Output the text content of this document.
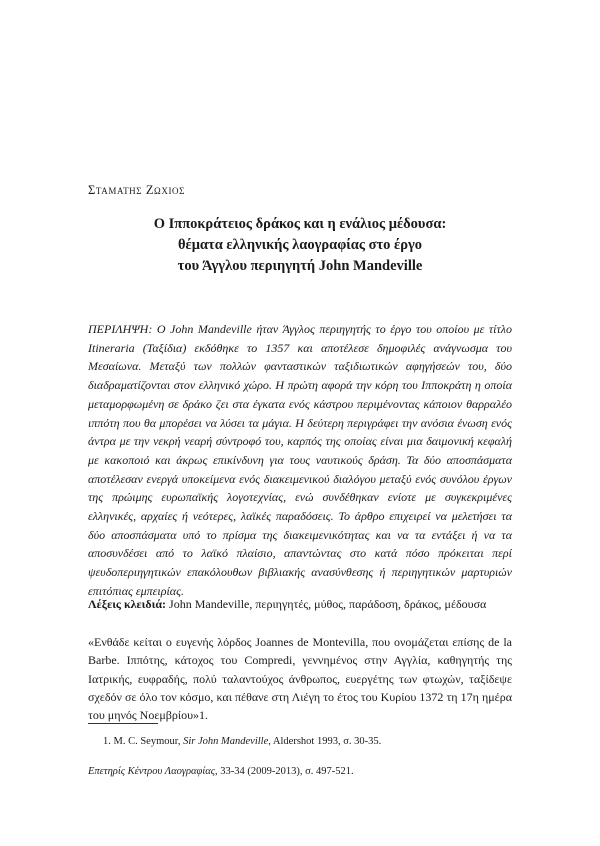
Σταματης Ζωχιος
Ο Ιπποκράτειος δράκος και η ενάλιος μέδουσα:
θέματα ελληνικής λαογραφίας στο έργο
του Άγγλου περιηγητή John Mandeville
ΠΕΡΙΛΗΨΗ: Ο John Mandeville ήταν Άγγλος περιηγητής το έργο του οποίου με τίτλο Itineraria (Ταξίδια) εκδόθηκε το 1357 και αποτέλεσε δημοφιλές ανάγνωσμα του Μεσαίωνα. Μεταξύ των πολλών φανταστικών ταξιδιωτικών αφηγήσεών του, δύο διαδραματίζονται στον ελληνικό χώρο. Η πρώτη αφορά την κόρη του Ιπποκράτη η οποία μεταμορφωμένη σε δράκο ζει στα έγκατα ενός κάστρου περιμένοντας κάποιον θαρραλέο ιππότη που θα μπορέσει να λύσει τα μάγια. Η δεύτερη περιγράφει την ανόσια ένωση ενός άντρα με την νεκρή νεαρή σύντροφό του, καρπός της οποίας είναι μια δαιμονική κεφαλή με κακοποιό και άκρως επικίνδυνη για τους ναυτικούς δράση. Τα δύο αποσπάσματα αποτέλεσαν ενεργά υποκείμενα ενός διακειμενικού διαλόγου μεταξύ ενός συνόλου έργων της πρώιμης ευρωπαϊκής λογοτεχνίας, ενώ συνδέθηκαν ενίοτε με συγκεκριμένες ελληνικές, αρχαίες ή νεότερες, λαϊκές παραδόσεις. Το άρθρο επιχειρεί να μελετήσει τα δύο αποσπάσματα υπό το πρίσμα της διακειμενικότητας και να τα εντάξει ή να τα αποσυνδέσει από το λαϊκό πλαίσιο, απαντώντας στο κατά πόσο πρόκειται περί ψευδοπεριηγητικών επακόλουθων βιβλιακής ανασύνθεσης ή περιηγητικών μαρτυριών επιτόπιας εμπειρίας.
Λέξεις κλειδιά: John Mandeville, περιηγητές, μύθος, παράδοση, δράκος, μέδουσα
«Ενθάδε κείται ο ευγενής λόρδος Joannes de Montevilla, που ονομάζεται επίσης de la Barbe. Ιππότης, κάτοχος του Compredi, γεννημένος στην Αγγλία, καθηγητής της Ιατρικής, ευφραδής, πολύ ταλαντούχος άνθρωπος, ευεργέτης των φτωχών, ταξίδεψε σχεδόν σε όλο τον κόσμο, και πέθανε στη Λιέγη το έτος του Κυρίου 1372 τη 17η ημέρα του μηνός Νοεμβρίου»1.
1. M. C. Seymour, Sir John Mandeville, Aldershot 1993, σ. 30-35.
Επετηρίς Κέντρου Λαογραφίας, 33-34 (2009-2013), σ. 497-521.
